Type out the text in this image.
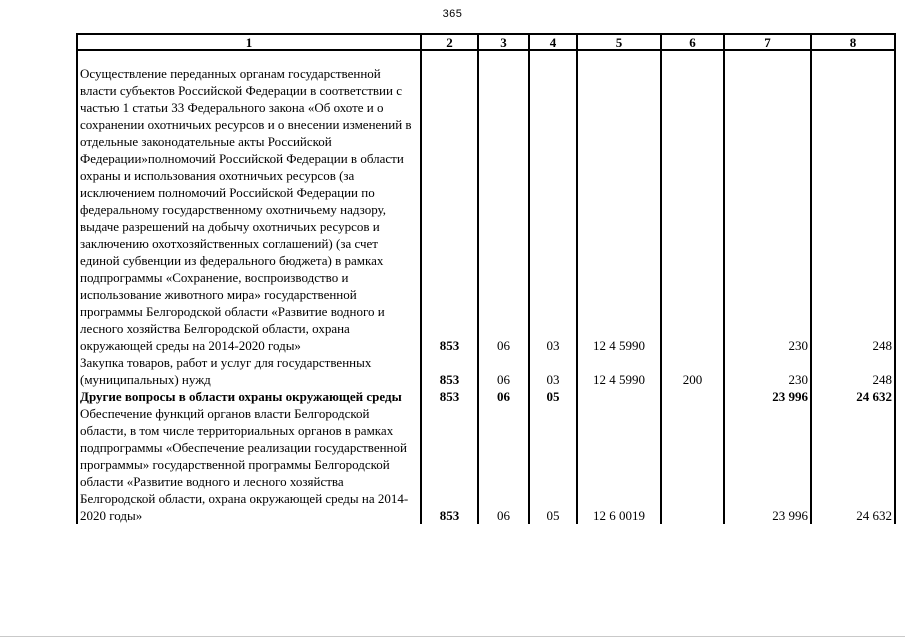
365
1	2	3	4	5	6	7	8

Осуществление переданных органам государственной власти субъектов Российской Федерации в соответствии с частью 1 статьи 33 Федерального закона «Об охоте и о сохранении охотничьих ресурсов и о внесении изменений в отдельные законодательные акты Российской Федерации»полномочий Российской Федерации в области охраны и использования охотничьих ресурсов (за исключением полномочий Российской Федерации по федеральному государственному охотничьему надзору, выдаче разрешений на добычу охотничьих ресурсов и заключению охотхозяйственных соглашений) (за счет единой субвенции из федерального бюджета) в рамках подпрограммы «Сохранение, воспроизводство и использование животного мира» государственной программы Белгородской области «Развитие водного и лесного хозяйства Белгородской области, охрана окружающей среды на 2014-2020 годы»	853	06	03	12 4 5990		230	248
Закупка товаров, работ и услуг для государственных (муниципальных) нужд	853	06	03	12 4 5990	200	230	248
Другие вопросы в области охраны окружающей среды	853	06	05			23 996	24 632
Обеспечение функций органов власти Белгородской области, в том числе территориальных органов в рамках подпрограммы «Обеспечение реализации государственной программы» государственной программы Белгородской области «Развитие водного и лесного хозяйства Белгородской области, охрана окружающей среды на 2014-2020 годы»	853	06	05	12 6 0019		23 996	24 632
